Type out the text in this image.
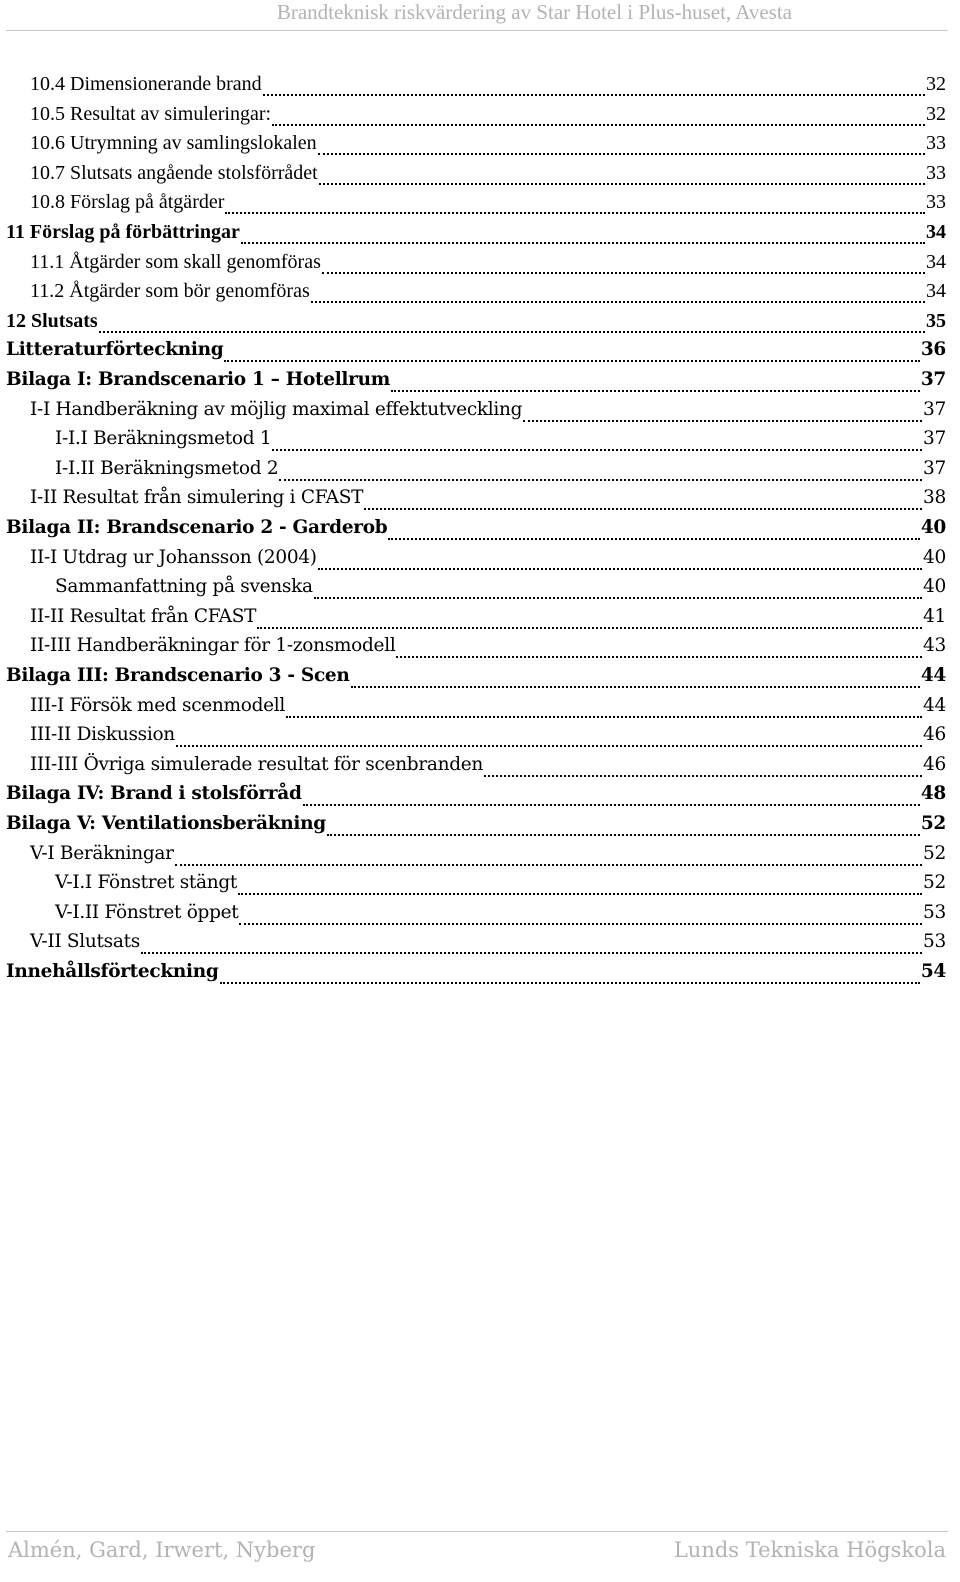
Brandteknisk riskvärdering av Star Hotel i Plus-huset, Avesta
10.4 Dimensionerande brand	32
10.5 Resultat av simuleringar:	32
10.6 Utrymning av samlingslokalen	33
10.7 Slutsats angående stolsförrådet	33
10.8 Förslag på åtgärder	33
11 Förslag på förbättringar	34
11.1 Åtgärder som skall genomföras	34
11.2 Åtgärder som bör genomföras	34
12 Slutsats	35
Litteraturförteckning	36
Bilaga I: Brandscenario 1 – Hotellrum	37
I-I Handberäkning av möjlig maximal effektutveckling	37
I-I.I Beräkningsmetod 1	37
I-I.II Beräkningsmetod 2	37
I-II Resultat från simulering i CFAST	38
Bilaga II: Brandscenario 2 - Garderob	40
II-I Utdrag ur Johansson (2004)	40
Sammanfattning på svenska	40
II-II Resultat från CFAST	41
II-III Handberäkningar för 1-zonsmodell	43
Bilaga III: Brandscenario 3 - Scen	44
III-I Försök med scenmodell	44
III-II Diskussion	46
III-III Övriga simulerade resultat för scenbranden	46
Bilaga IV: Brand i stolsförråd	48
Bilaga V: Ventilationsberäkning	52
V-I Beräkningar	52
V-I.I Fönstret stängt	52
V-I.II Fönstret öppet	53
V-II Slutsats	53
Innehållsförteckning	54
Almén, Gard, Irwert, Nyberg	Lunds Tekniska Högskola
